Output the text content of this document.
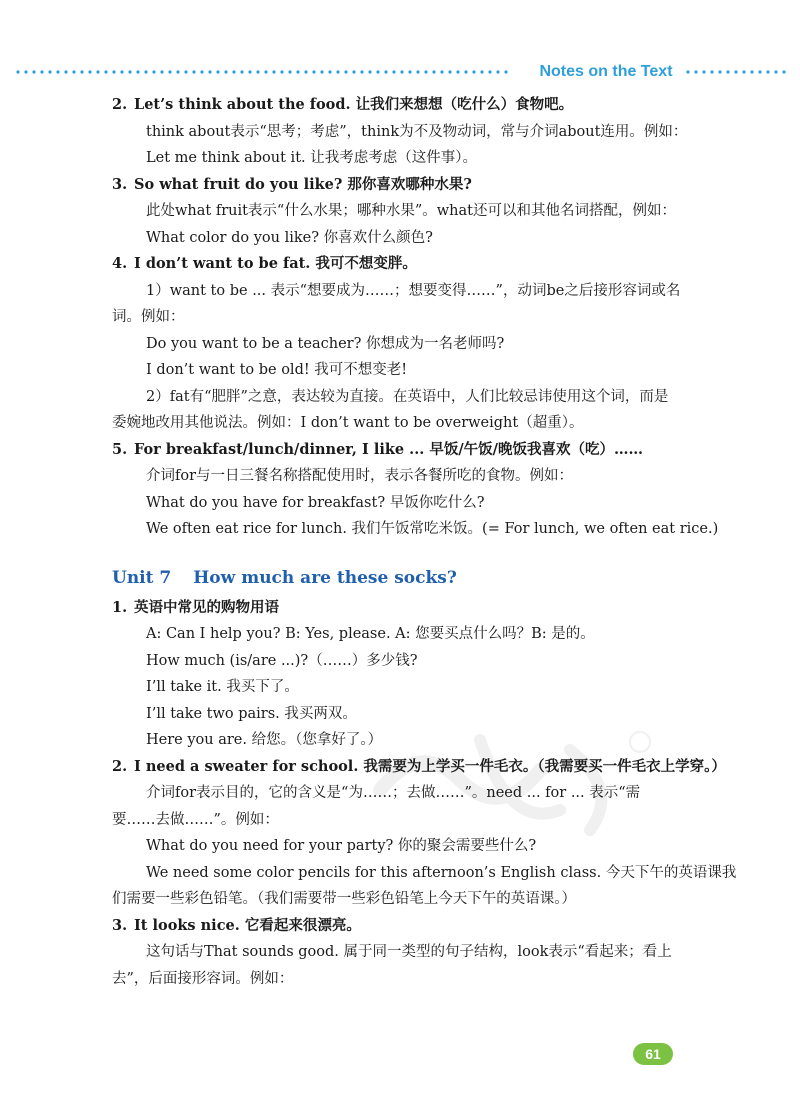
Notes on the Text
2. Let’s think about the food. 让我们来想想（吃什么）食物吧。
think about表示“思考；考虑”，think为不及物动词，常与介词about连用。例如：
Let me think about it. 让我考虑考虑（这件事）。
3. So what fruit do you like? 那你喜欢哪种水果?
此处what fruit表示“什么水果；哪种水果”。what还可以和其他名词搭配，例如：
What color do you like? 你喜欢什么颜色?
4. I don’t want to be fat. 我可不想变胖。
1）want to be ... 表示“想要成为……；想要变得……”，动词be之后接形容词或名
词。例如：
Do you want to be a teacher? 你想成为一名老师吗?
I don’t want to be old! 我可不想变老!
2）fat有“肥胖”之意，表达较为直接。在英语中，人们比较忌讳使用这个词，而是
委婉地改用其他说法。例如：I don’t want to be overweight（超重）。
5. For breakfast/lunch/dinner, I like ... 早饭/午饭/晚饭我喜欢（吃）……
介词for与一日三餐名称搭配使用时，表示各餐所吃的食物。例如：
What do you have for breakfast? 早饭你吃什么?
We often eat rice for lunch. 我们午饭常吃米饭。(= For lunch, we often eat rice.)
Unit 7 How much are these socks?
1. 英语中常见的购物用语
A: Can I help you? B: Yes, please. A: 您要买点什么吗？B: 是的。
How much (is/are ...)?（……）多少钱?
I’ll take it. 我买下了。
I’ll take two pairs. 我买两双。
Here you are. 给您。（您拿好了。）
2. I need a sweater for school. 我需要为上学买一件毛衣。（我需要买一件毛衣上学穿。）
介词for表示目的，它的含义是“为……；去做……”。need ... for ... 表示“需
要……去做……”。例如：
What do you need for your party? 你的聚会需要些什么?
We need some color pencils for this afternoon’s English class. 今天下午的英语课我
们需要一些彩色铅笔。（我们需要带一些彩色铅笔上今天下午的英语课。）
3. It looks nice. 它看起来很漂亮。
这句话与That sounds good. 属于同一类型的句子结构，look表示“看起来；看上
去”，后面接形容词。例如：
61
